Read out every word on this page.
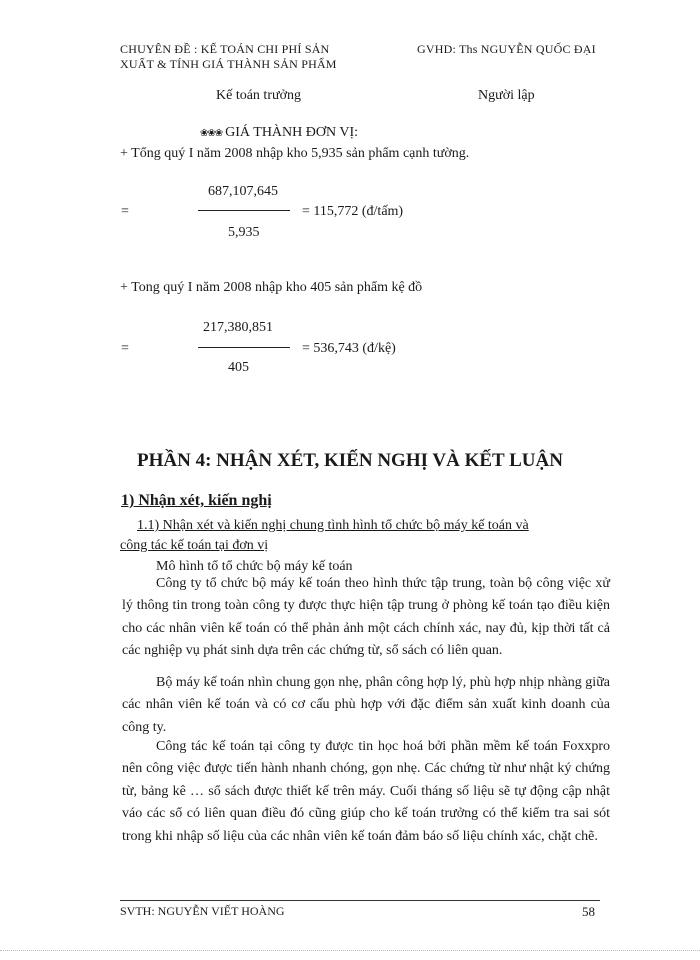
CHUYÊN ĐỀ : KẾ TOÁN CHI PHÍ SẢN
XUẤT & TÍNH GIÁ THÀNH SẢN PHẨM
GVHD: Ths NGUYỄN QUỐC ĐẠI
Kế toán trưởng	Người lập
❀❀❀ GIÁ THÀNH ĐƠN VỊ:
+ Tổng quý I năm 2008 nhập kho 5,935 sản phẩm cạnh tường.
687,107,645
=	= 115,772 (đ/tấm)
5,935
+ Tong quý I năm 2008 nhập kho 405 sản phẩm kệ đồ
217,380,851
=	= 536,743 (đ/kệ)
405
PHẦN 4: NHẬN XÉT, KIẾN NGHỊ VÀ KẾT LUẬN
1) Nhận xét, kiến nghị
1.1) Nhận xét và kiến nghị chung tình hình tổ chức bộ máy kế toán và
công tác kế toán tại đơn vị
Mô hình tổ tổ chức bộ máy kế toán
Công ty tổ chức bộ máy kế toán theo hình thức tập trung, toàn bộ công việc xử lý thông tin trong toàn công ty được thực hiện tập trung ở phòng kế toán tạo điều kiện cho các nhân viên kế toán có thể phản ảnh một cách chính xác, nay đủ, kịp thời tất cả các nghiệp vụ phát sinh dựa trên các chứng từ, sổ sách có liên quan.
Bộ máy kế toán nhìn chung gọn nhẹ, phân công hợp lý, phù hợp nhịp nhàng giữa các nhân viên kế toán và có cơ cấu phù hợp với đặc điểm sản xuất kinh doanh của công ty.
Công tác kế toán tại công ty được tin học hoá bởi phần mềm kế toán Foxxpro nên công việc được tiến hành nhanh chóng, gọn nhẹ. Các chứng từ như nhật ký chứng từ, bảng kê … sổ sách được thiết kế trên máy. Cuối tháng số liệu sẽ tự động cập nhật váo các sổ có liên quan điều đó cũng giúp cho kế toán trưởng có thể kiểm tra sai sót trong khi nhập số liệu của các nhân viên kế toán đảm báo số liệu chính xác, chặt chẽ.
SVTH: NGUYỄN VIẾT HOÀNG	58
